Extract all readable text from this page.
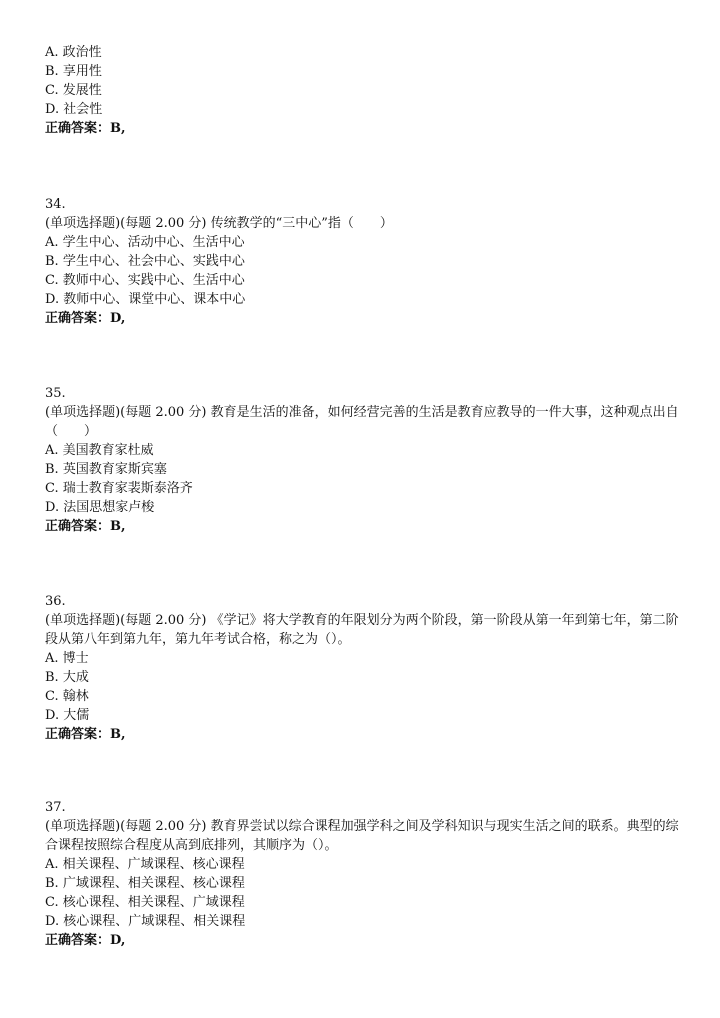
A. 政治性
B. 享用性
C. 发展性
D. 社会性
正确答案：B,
34.
(单项选择题)(每题 2.00 分) 传统教学的“三中心”指（　　）
A. 学生中心、活动中心、生活中心
B. 学生中心、社会中心、实践中心
C. 教师中心、实践中心、生活中心
D. 教师中心、课堂中心、课本中心
正确答案：D,
35.
(单项选择题)(每题 2.00 分) 教育是生活的准备，如何经营完善的生活是教育应教导的一件大事，这种观点出自（　　）
A. 美国教育家杜威
B. 英国教育家斯宾塞
C. 瑞士教育家裴斯泰洛齐
D. 法国思想家卢梭
正确答案：B,
36.
(单项选择题)(每题 2.00 分) 《学记》将大学教育的年限划分为两个阶段，第一阶段从第一年到第七年，第二阶段从第八年到第九年，第九年考试合格，称之为（）。
A. 博士
B. 大成
C. 翰林
D. 大儒
正确答案：B,
37.
(单项选择题)(每题 2.00 分) 教育界尝试以综合课程加强学科之间及学科知识与现实生活之间的联系。典型的综合课程按照综合程度从高到底排列，其顺序为（）。
A. 相关课程、广域课程、核心课程
B. 广域课程、相关课程、核心课程
C. 核心课程、相关课程、广域课程
D. 核心课程、广域课程、相关课程
正确答案：D,
